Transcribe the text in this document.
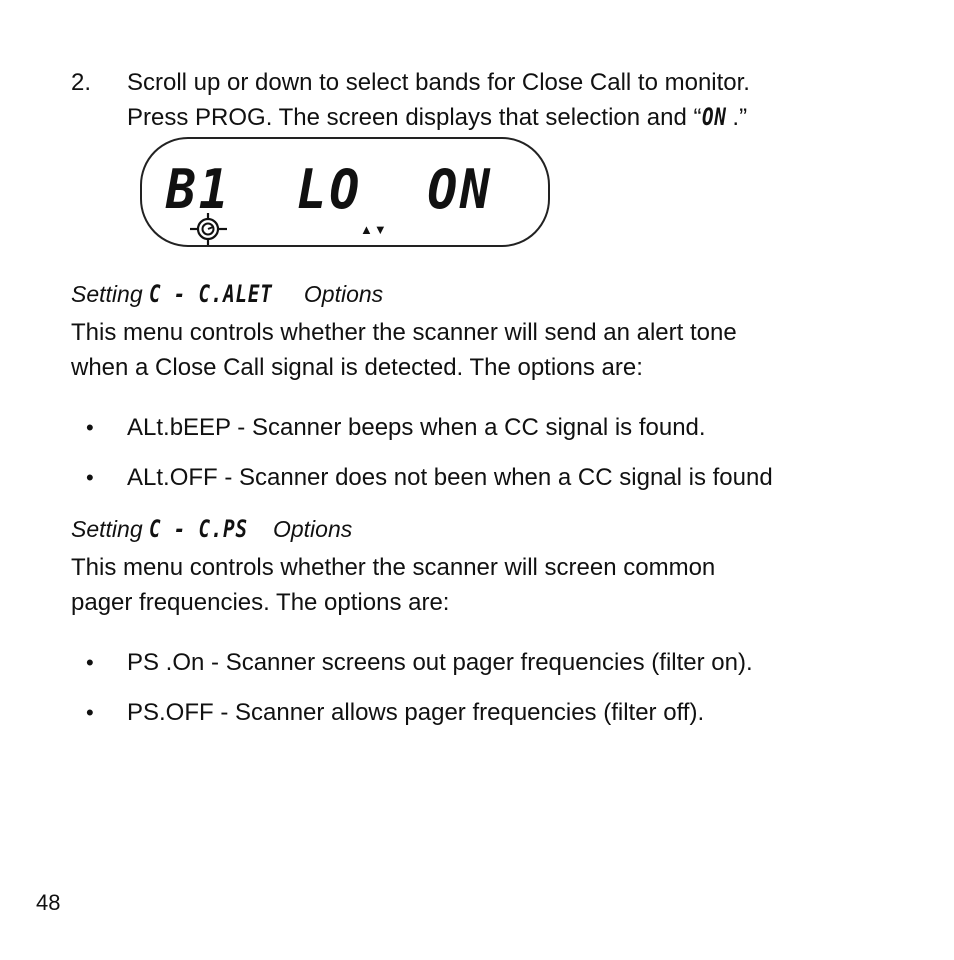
2. Scroll up or down to select bands for Close Call to monitor.
Press PROG. The screen displays that selection and “ON .”
B1  LO  ON
▲▼
Setting C - C.ALET Options
This menu controls whether the scanner will send an alert tone
when a Close Call signal is detected. The options are:
• ALt.bEEP - Scanner beeps when a CC signal is found.
• ALt.OFF - Scanner does not been when a CC signal is found
Setting C - C.PS Options
This menu controls whether the scanner will screen common
pager frequencies. The options are:
• PS .On - Scanner screens out pager frequencies (filter on).
• PS.OFF - Scanner allows pager frequencies (filter off).
48
